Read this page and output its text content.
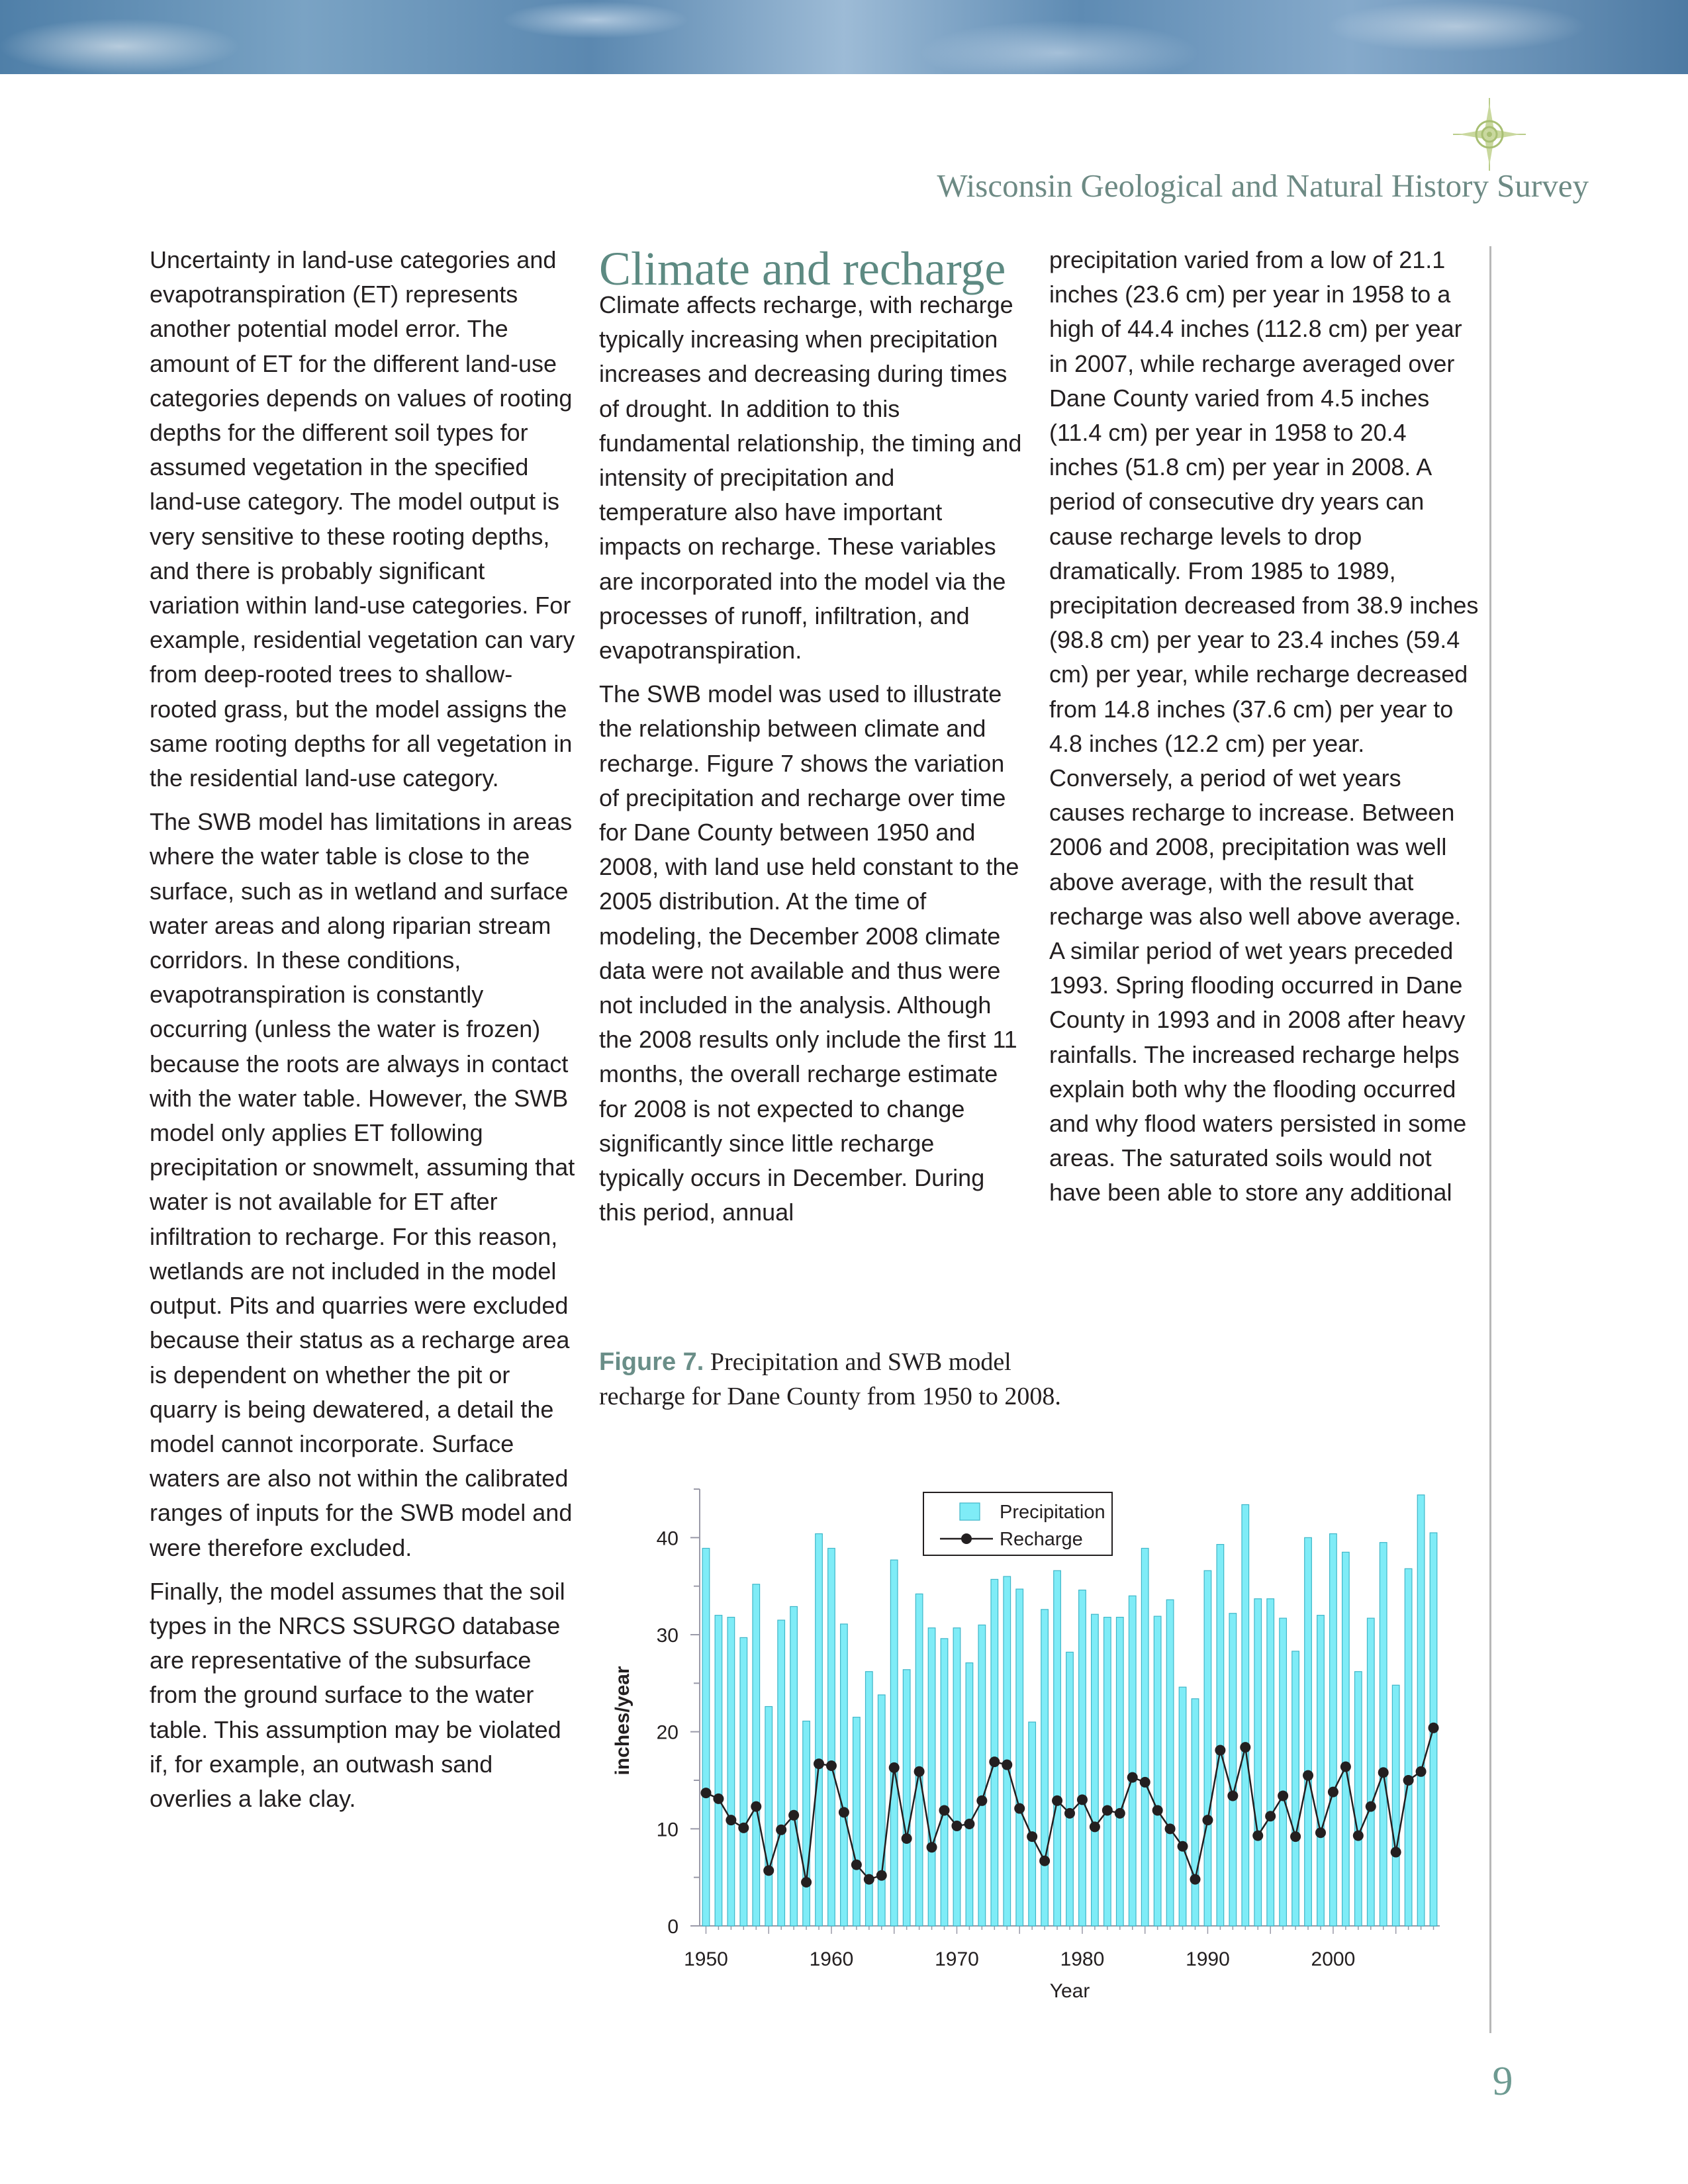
Wisconsin Geological and Natural History Survey

Uncertainty in land-use categories and evapotranspiration (ET) represents another potential model error. The amount of ET for the different land-use categories depends on values of rooting depths for the different soil types for assumed vegetation in the specified land-use category. The model output is very sensitive to these rooting depths, and there is probably significant variation within land-use categories. For example, residential vegetation can vary from deep-rooted trees to shallow-rooted grass, but the model assigns the same rooting depths for all vegetation in the residential land-use category.

The SWB model has limitations in areas where the water table is close to the surface, such as in wetland and surface water areas and along riparian stream corridors. In these conditions, evapotranspiration is constantly occurring (unless the water is frozen) because the roots are always in contact with the water table. However, the SWB model only applies ET following precipitation or snowmelt, assuming that water is not available for ET after infiltration to recharge. For this reason, wetlands are not included in the model output. Pits and quarries were excluded because their status as a recharge area is dependent on whether the pit or quarry is being dewatered, a detail the model cannot incorporate. Surface waters are also not within the calibrated ranges of inputs for the SWB model and were therefore excluded.

Finally, the model assumes that the soil types in the NRCS SSURGO database are representative of the subsurface from the ground surface to the water table. This assumption may be violated if, for example, an outwash sand overlies a lake clay.

Climate and recharge

Climate affects recharge, with recharge typically increasing when precipitation increases and decreasing during times of drought. In addition to this fundamental relationship, the timing and intensity of precipitation and temperature also have important impacts on recharge. These variables are incorporated into the model via the processes of runoff, infiltration, and evapotranspiration.

The SWB model was used to illustrate the relationship between climate and recharge. Figure 7 shows the variation of precipitation and recharge over time for Dane County between 1950 and 2008, with land use held constant to the 2005 distribution. At the time of modeling, the December 2008 climate data were not available and thus were not included in the analysis. Although the 2008 results only include the first 11 months, the overall recharge estimate for 2008 is not expected to change significantly since little recharge typically occurs in December. During this period, annual

precipitation varied from a low of 21.1 inches (23.6 cm) per year in 1958 to a high of 44.4 inches (112.8 cm) per year in 2007, while recharge averaged over Dane County varied from 4.5 inches (11.4 cm) per year in 1958 to 20.4 inches (51.8 cm) per year in 2008. A period of consecutive dry years can cause recharge levels to drop dramatically. From 1985 to 1989, precipitation decreased from 38.9 inches (98.8 cm) per year to 23.4 inches (59.4 cm) per year, while recharge decreased from 14.8 inches (37.6 cm) per year to 4.8 inches (12.2 cm) per year. Conversely, a period of wet years causes recharge to increase. Between 2006 and 2008, precipitation was well above average, with the result that recharge was also well above average. A similar period of wet years preceded 1993. Spring flooding occurred in Dane County in 1993 and in 2008 after heavy rainfalls. The increased recharge helps explain both why the flooding occurred and why flood waters persisted in some areas. The saturated soils would not have been able to store any additional

Figure 7. Precipitation and SWB model recharge for Dane County from 1950 to 2008.
0
10
20
30
40
1950	1960	1970	1980	1990	2000
Year
inches/year
Precipitation
Recharge
9
